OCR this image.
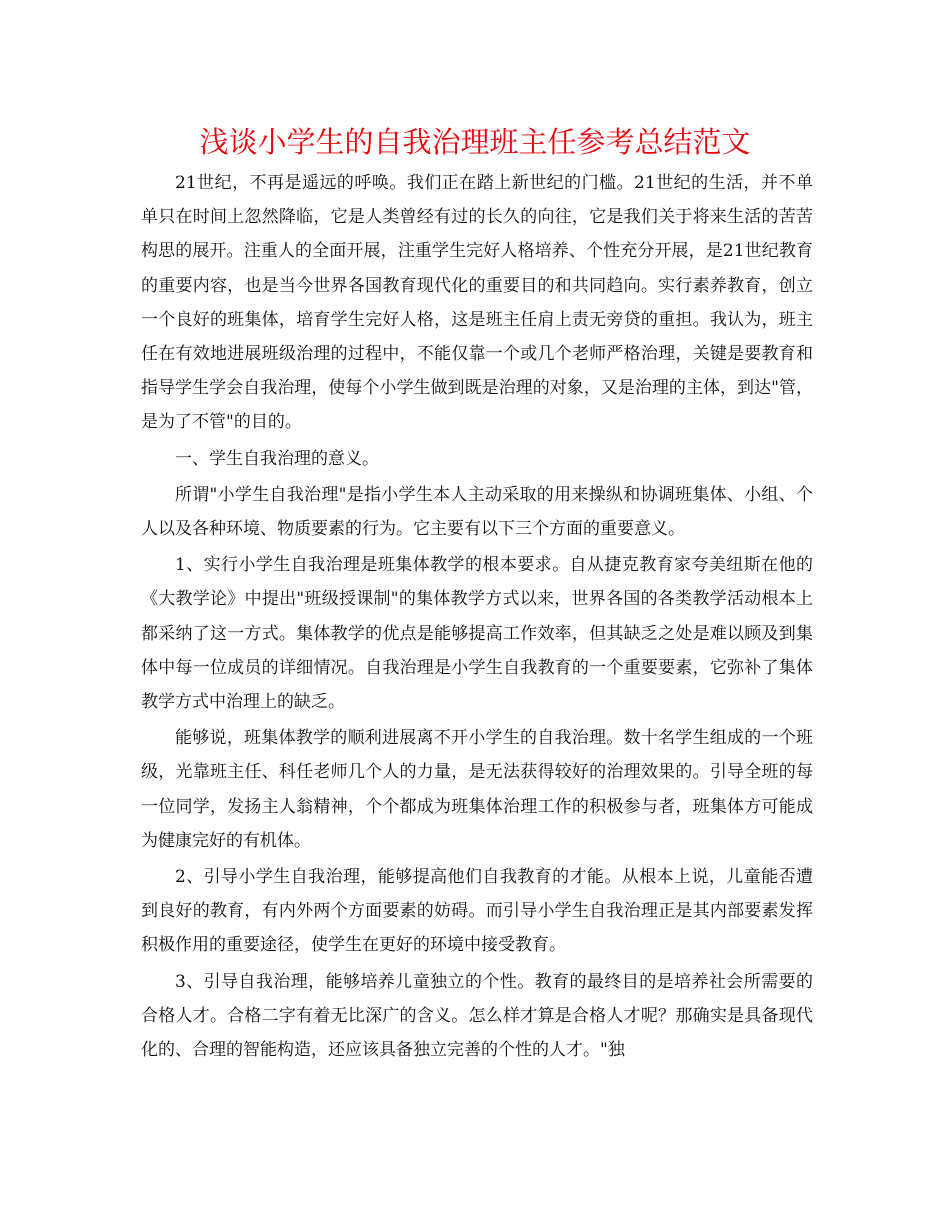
浅谈小学生的自我治理班主任参考总结范文

21世纪，不再是遥远的呼唤。我们正在踏上新世纪的门槛。21世纪的生活，并不单单只在时间上忽然降临，它是人类曾经有过的长久的向往，它是我们关于将来生活的苦苦构思的展开。注重人的全面开展，注重学生完好人格培养、个性充分开展，是21世纪教育的重要内容，也是当今世界各国教育现代化的重要目的和共同趋向。实行素养教育，创立一个良好的班集体，培育学生完好人格，这是班主任肩上责无旁贷的重担。我认为，班主任在有效地进展班级治理的过程中，不能仅靠一个或几个老师严格治理，关键是要教育和指导学生学会自我治理，使每个小学生做到既是治理的对象，又是治理的主体，到达"管，是为了不管"的目的。

一、学生自我治理的意义。

所谓"小学生自我治理"是指小学生本人主动采取的用来操纵和协调班集体、小组、个人以及各种环境、物质要素的行为。它主要有以下三个方面的重要意义。

1、实行小学生自我治理是班集体教学的根本要求。自从捷克教育家夸美纽斯在他的《大教学论》中提出"班级授课制"的集体教学方式以来，世界各国的各类教学活动根本上都采纳了这一方式。集体教学的优点是能够提高工作效率，但其缺乏之处是难以顾及到集体中每一位成员的详细情况。自我治理是小学生自我教育的一个重要要素，它弥补了集体教学方式中治理上的缺乏。

能够说，班集体教学的顺利进展离不开小学生的自我治理。数十名学生组成的一个班级，光靠班主任、科任老师几个人的力量，是无法获得较好的治理效果的。引导全班的每一位同学，发扬主人翁精神，个个都成为班集体治理工作的积极参与者，班集体方可能成为健康完好的有机体。

2、引导小学生自我治理，能够提高他们自我教育的才能。从根本上说，儿童能否遭到良好的教育，有内外两个方面要素的妨碍。而引导小学生自我治理正是其内部要素发挥积极作用的重要途径，使学生在更好的环境中接受教育。

3、引导自我治理，能够培养儿童独立的个性。教育的最终目的是培养社会所需要的合格人才。合格二字有着无比深广的含义。怎么样才算是合格人才呢？那确实是具备现代化的、合理的智能构造，还应该具备独立完善的个性的人才。"独
